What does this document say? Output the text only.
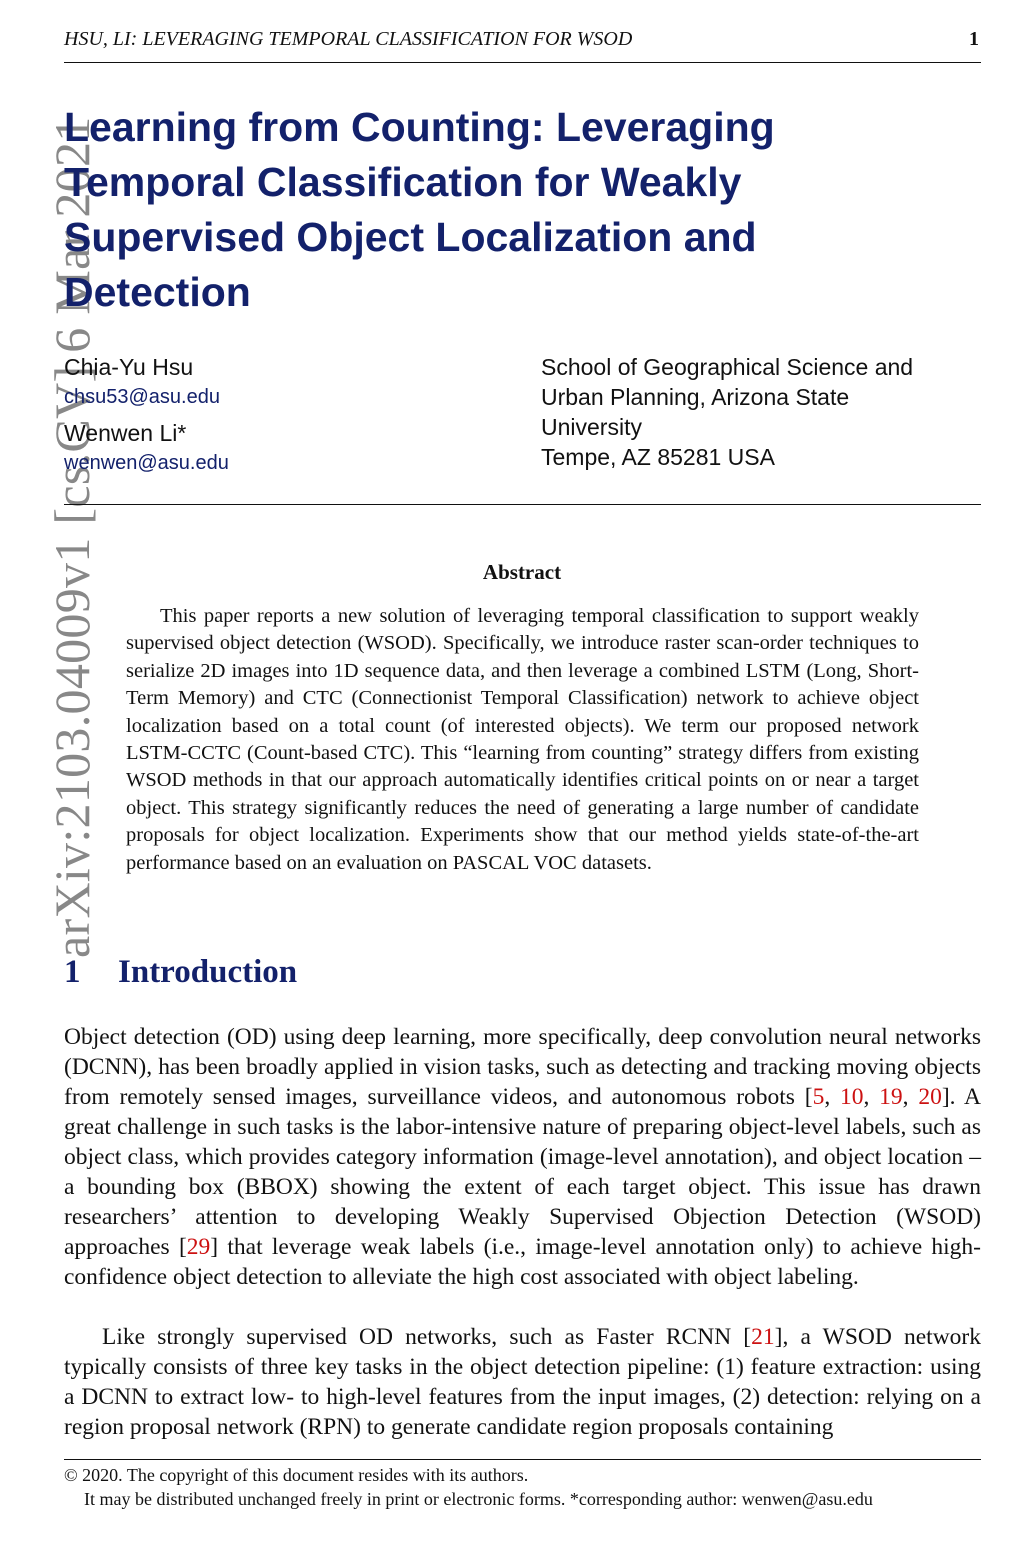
HSU, LI: LEVERAGING TEMPORAL CLASSIFICATION FOR WSOD	1
arXiv:2103.04009v1 [cs.CV] 6 Mar 2021
Learning from Counting: Leveraging Temporal Classification for Weakly Supervised Object Localization and Detection
Chia-Yu Hsu
chsu53@asu.edu
Wenwen Li*
wenwen@asu.edu
School of Geographical Science and
Urban Planning, Arizona State
University
Tempe, AZ 85281 USA
Abstract

This paper reports a new solution of leveraging temporal classification to support weakly supervised object detection (WSOD). Specifically, we introduce raster scan-order techniques to serialize 2D images into 1D sequence data, and then leverage a combined LSTM (Long, Short-Term Memory) and CTC (Connectionist Temporal Classification) network to achieve object localization based on a total count (of interested objects). We term our proposed network LSTM-CCTC (Count-based CTC). This “learning from counting” strategy differs from existing WSOD methods in that our approach automatically identifies critical points on or near a target object. This strategy significantly reduces the need of generating a large number of candidate proposals for object localization. Experiments show that our method yields state-of-the-art performance based on an evaluation on PASCAL VOC datasets.

1 Introduction

Object detection (OD) using deep learning, more specifically, deep convolution neural networks (DCNN), has been broadly applied in vision tasks, such as detecting and tracking moving objects from remotely sensed images, surveillance videos, and autonomous robots [5, 10, 19, 20]. A great challenge in such tasks is the labor-intensive nature of preparing object-level labels, such as object class, which provides category information (image-level annotation), and object location – a bounding box (BBOX) showing the extent of each target object. This issue has drawn researchers’ attention to developing Weakly Supervised Objection Detection (WSOD) approaches [29] that leverage weak labels (i.e., image-level annotation only) to achieve high-confidence object detection to alleviate the high cost associated with object labeling.

Like strongly supervised OD networks, such as Faster RCNN [21], a WSOD network typically consists of three key tasks in the object detection pipeline: (1) feature extraction: using a DCNN to extract low- to high-level features from the input images, (2) detection: relying on a region proposal network (RPN) to generate candidate region proposals containing

© 2020. The copyright of this document resides with its authors.
It may be distributed unchanged freely in print or electronic forms. *corresponding author: wenwen@asu.edu
